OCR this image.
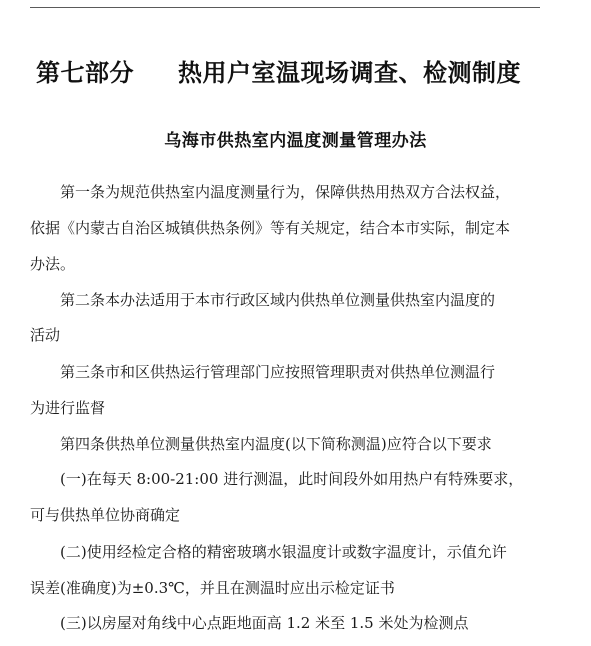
第七部分 热用户室温现场调查、检测制度
乌海市供热室内温度测量管理办法
第一条为规范供热室内温度测量行为，保障供热用热双方合法权益，
依据《内蒙古自治区城镇供热条例》等有关规定，结合本市实际，制定本
办法。
第二条本办法适用于本市行政区域内供热单位测量供热室内温度的
活动
第三条市和区供热运行管理部门应按照管理职责对供热单位测温行
为进行监督
第四条供热单位测量供热室内温度(以下简称测温)应符合以下要求
(一)在每天 8:00-21:00 进行测温，此时间段外如用热户有特殊要求，
可与供热单位协商确定
(二)使用经检定合格的精密玻璃水银温度计或数字温度计，示值允许
误差(准确度)为±0.3℃，并且在测温时应出示检定证书
(三)以房屋对角线中心点距地面高 1.2 米至 1.5 米处为检测点
